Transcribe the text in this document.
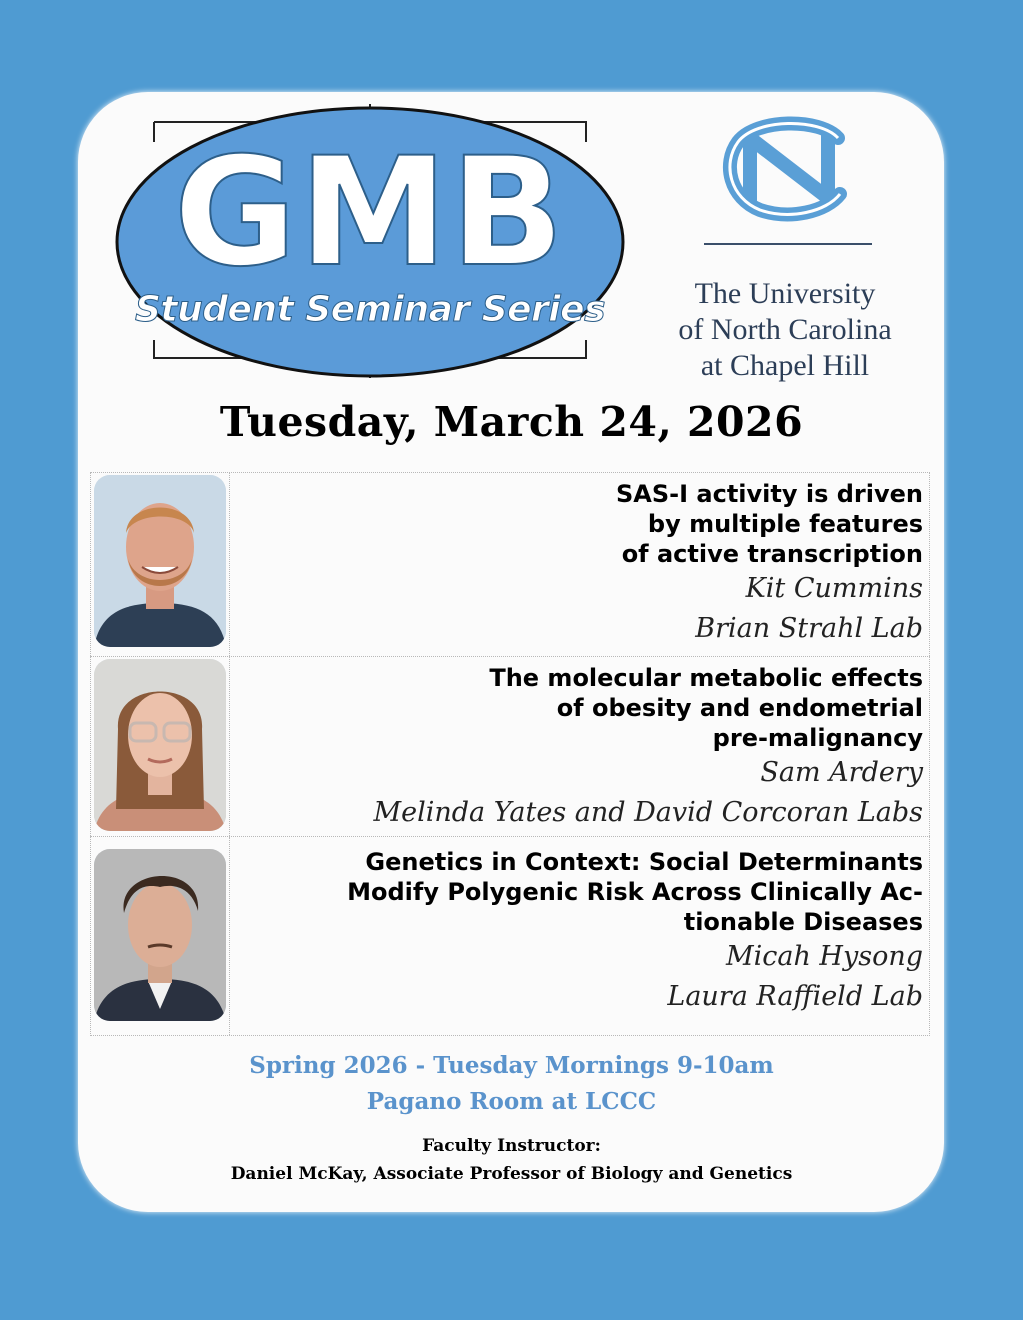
GMB
Student Seminar Series	The University
of North Carolina
at Chapel Hill
Tuesday, March 24, 2026

SAS-I activity is driven
by multiple features
of active transcription

Kit Cummins
Brian Strahl Lab

The molecular metabolic effects
of obesity and endometrial
pre-malignancy

Sam Ardery
Melinda Yates and David Corcoran Labs

Genetics in Context: Social Determinants
Modify Polygenic Risk Across Clinically Ac-
tionable Diseases

Micah Hysong
Laura Raffield Lab
Spring 2026 - Tuesday Mornings 9-10am
Pagano Room at LCCC
Faculty Instructor:
Daniel McKay, Associate Professor of Biology and Genetics
